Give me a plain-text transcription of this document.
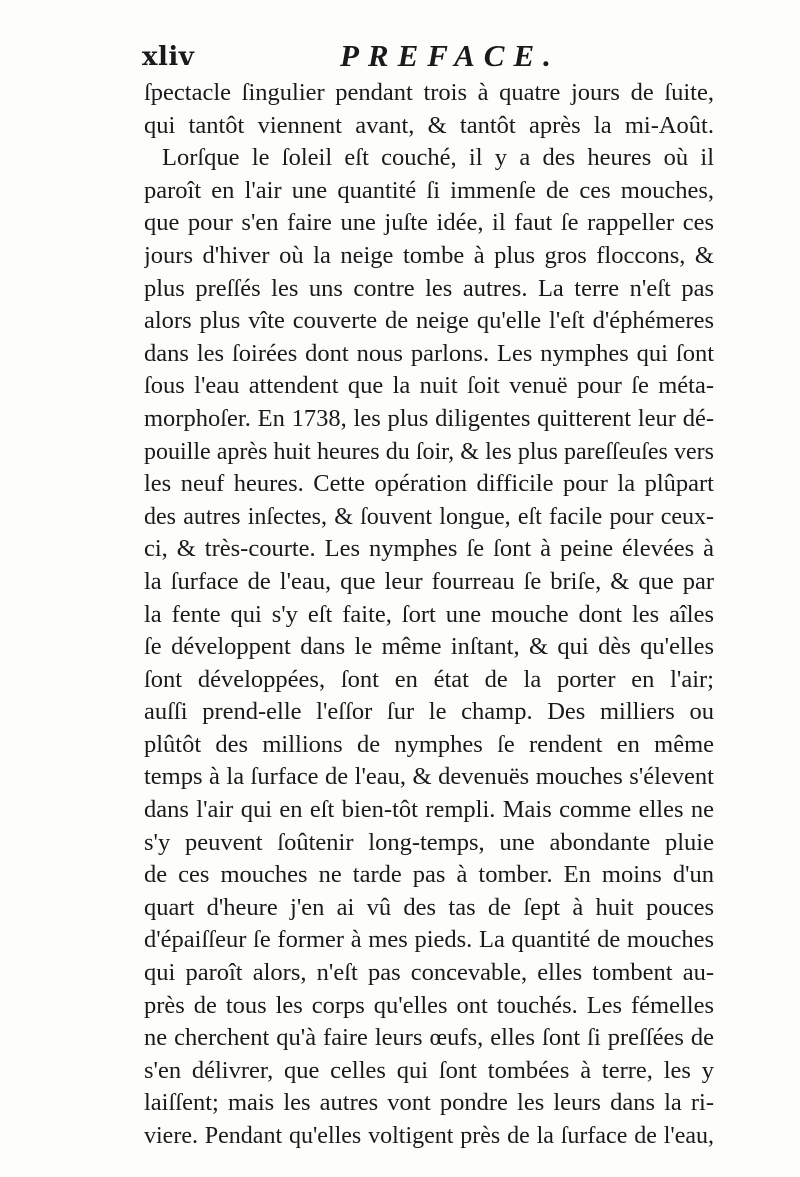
xliv	PREFACE.
ſpectacle ſingulier pendant trois à quatre jours de ſuite,
qui tantôt viennent avant, & tantôt après la mi-Août.
Lorſque le ſoleil eſt couché, il y a des heures où il
paroît en l'air une quantité ſi immenſe de ces mouches,
que pour s'en faire une juſte idée, il faut ſe rappeller ces
jours d'hiver où la neige tombe à plus gros floccons, &
plus preſſés les uns contre les autres. La terre n'eſt pas
alors plus vîte couverte de neige qu'elle l'eſt d'éphémeres
dans les ſoirées dont nous parlons. Les nymphes qui ſont
ſous l'eau attendent que la nuit ſoit venuë pour ſe méta-
morphoſer. En 1738, les plus diligentes quitterent leur dé-
pouille après huit heures du ſoir, & les plus pareſſeuſes vers
les neuf heures. Cette opération difficile pour la plûpart
des autres inſectes, & ſouvent longue, eſt facile pour ceux-
ci, & très-courte. Les nymphes ſe ſont à peine élevées à
la ſurface de l'eau, que leur fourreau ſe briſe, & que par
la fente qui s'y eſt faite, ſort une mouche dont les aîles
ſe développent dans le même inſtant, & qui dès qu'elles
ſont développées, ſont en état de la porter en l'air;
auſſi prend-elle l'eſſor ſur le champ. Des milliers ou
plûtôt des millions de nymphes ſe rendent en même
temps à la ſurface de l'eau, & devenuës mouches s'élevent
dans l'air qui en eſt bien-tôt rempli. Mais comme elles ne
s'y peuvent ſoûtenir long-temps, une abondante pluie
de ces mouches ne tarde pas à tomber. En moins d'un
quart d'heure j'en ai vû des tas de ſept à huit pouces
d'épaiſſeur ſe former à mes pieds. La quantité de mouches
qui paroît alors, n'eſt pas concevable, elles tombent au-
près de tous les corps qu'elles ont touchés. Les fémelles
ne cherchent qu'à faire leurs œufs, elles ſont ſi preſſées de
s'en délivrer, que celles qui ſont tombées à terre, les y
laiſſent; mais les autres vont pondre les leurs dans la ri-
viere. Pendant qu'elles voltigent près de la ſurface de l'eau,
